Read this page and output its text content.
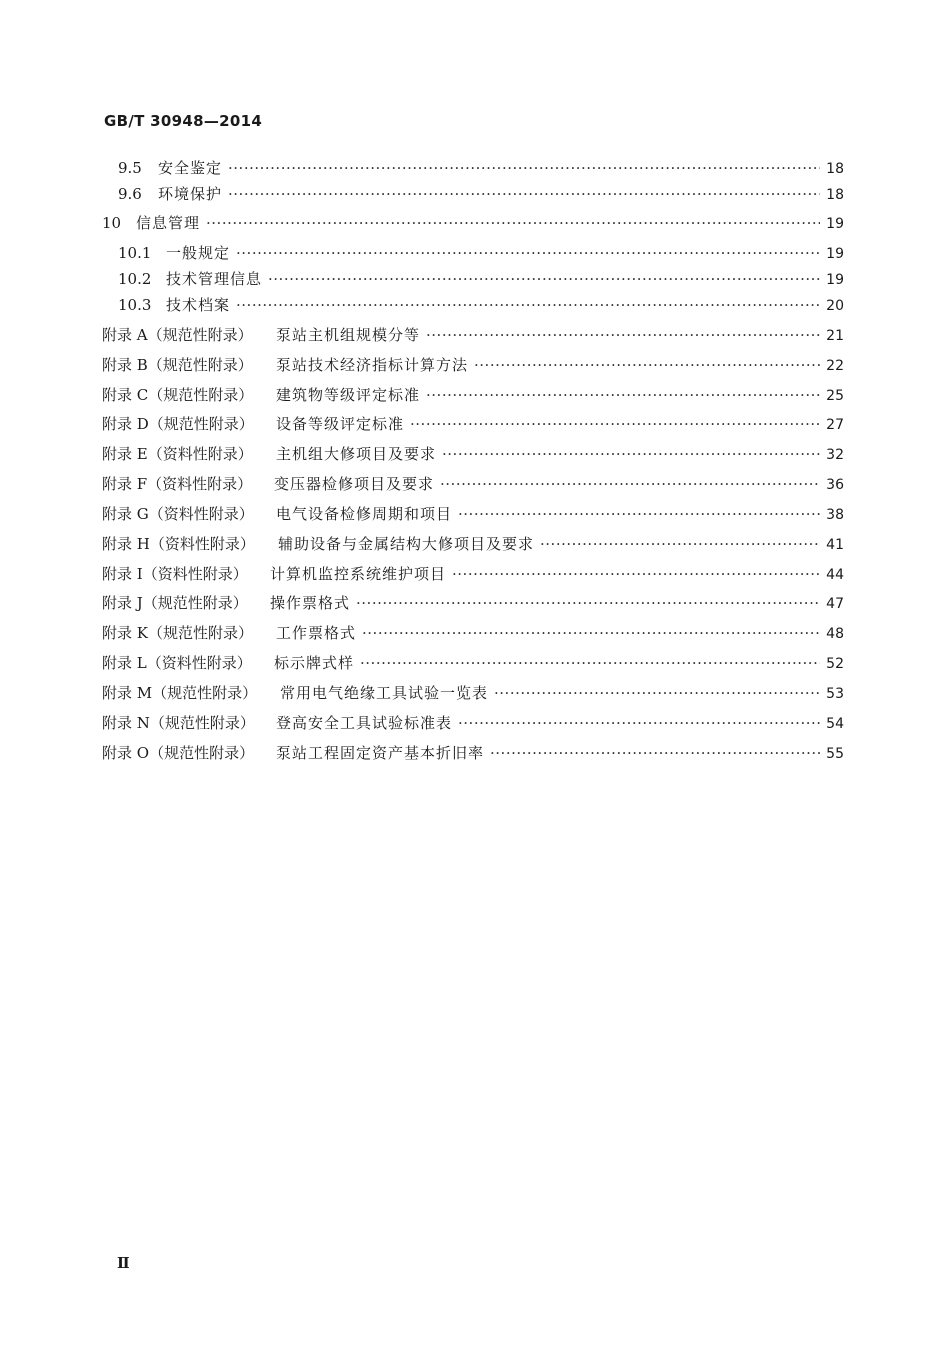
GB/T 30948—2014
9.5	安全鉴定 ·····	18
9.6	环境保护 ·····	18
10 信息管理 ·····	19
10.1 一般规定 ·····	19
10.2 技术管理信息 ·····	19
10.3 技术档案 ·····	20
附录 A（规范性附录）	泵站主机组规模分等 ·····	21
附录 B（规范性附录）	泵站技术经济指标计算方法 ·····	22
附录 C（规范性附录）	建筑物等级评定标准 ·····	25
附录 D（规范性附录）	设备等级评定标准 ·····	27
附录 E（资料性附录）	主机组大修项目及要求 ·····	32
附录 F（资料性附录）	变压器检修项目及要求 ·····	36
附录 G（资料性附录）	电气设备检修周期和项目 ·····	38
附录 H（资料性附录）	辅助设备与金属结构大修项目及要求 ·····	41
附录 I（资料性附录）	计算机监控系统维护项目 ·····	44
附录 J（规范性附录）	操作票格式 ·····	47
附录 K（规范性附录）	工作票格式 ·····	48
附录 L（资料性附录）	标示牌式样 ·····	52
附录 M（规范性附录）	常用电气绝缘工具试验一览表 ·····	53
附录 N（规范性附录）	登高安全工具试验标准表 ·····	54
附录 O（规范性附录）	泵站工程固定资产基本折旧率 ·····	55
Ⅱ
